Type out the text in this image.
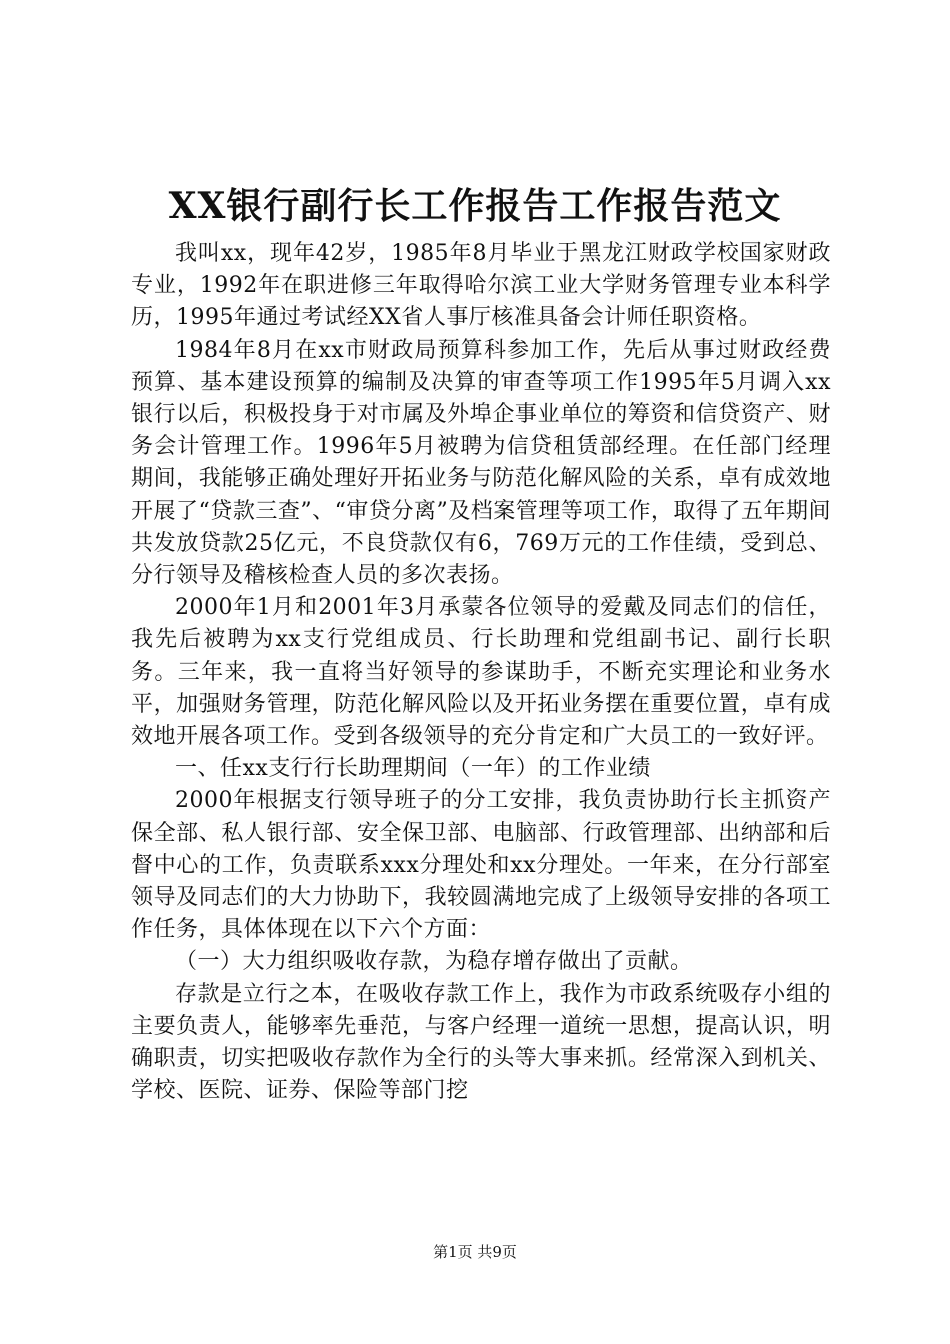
XX银行副行长工作报告工作报告范文

我叫xx，现年42岁，1985年8月毕业于黑龙江财政学校国家财政专业，1992年在职进修三年取得哈尔滨工业大学财务管理专业本科学历，1995年通过考试经XX省人事厅核准具备会计师任职资格。

1984年8月在xx市财政局预算科参加工作，先后从事过财政经费预算、基本建设预算的编制及决算的审查等项工作1995年5月调入xx银行以后，积极投身于对市属及外埠企事业单位的筹资和信贷资产、财务会计管理工作。1996年5月被聘为信贷租赁部经理。在任部门经理期间，我能够正确处理好开拓业务与防范化解风险的关系，卓有成效地开展了“贷款三查”、“审贷分离”及档案管理等项工作，取得了五年期间共发放贷款25亿元，不良贷款仅有6，769万元的工作佳绩，受到总、分行领导及稽核检查人员的多次表扬。

2000年1月和2001年3月承蒙各位领导的爱戴及同志们的信任，我先后被聘为xx支行党组成员、行长助理和党组副书记、副行长职务。三年来，我一直将当好领导的参谋助手，不断充实理论和业务水平，加强财务管理，防范化解风险以及开拓业务摆在重要位置，卓有成效地开展各项工作。受到各级领导的充分肯定和广大员工的一致好评。

一、任xx支行行长助理期间（一年）的工作业绩

2000年根据支行领导班子的分工安排，我负责协助行长主抓资产保全部、私人银行部、安全保卫部、电脑部、行政管理部、出纳部和后督中心的工作，负责联系xxx分理处和xx分理处。一年来，在分行部室领导及同志们的大力协助下，我较圆满地完成了上级领导安排的各项工作任务，具体体现在以下六个方面：

（一）大力组织吸收存款，为稳存增存做出了贡献。

存款是立行之本，在吸收存款工作上，我作为市政系统吸存小组的主要负责人，能够率先垂范，与客户经理一道统一思想，提高认识，明确职责，切实把吸收存款作为全行的头等大事来抓。经常深入到机关、学校、医院、证券、保险等部门挖

第1页 共9页
